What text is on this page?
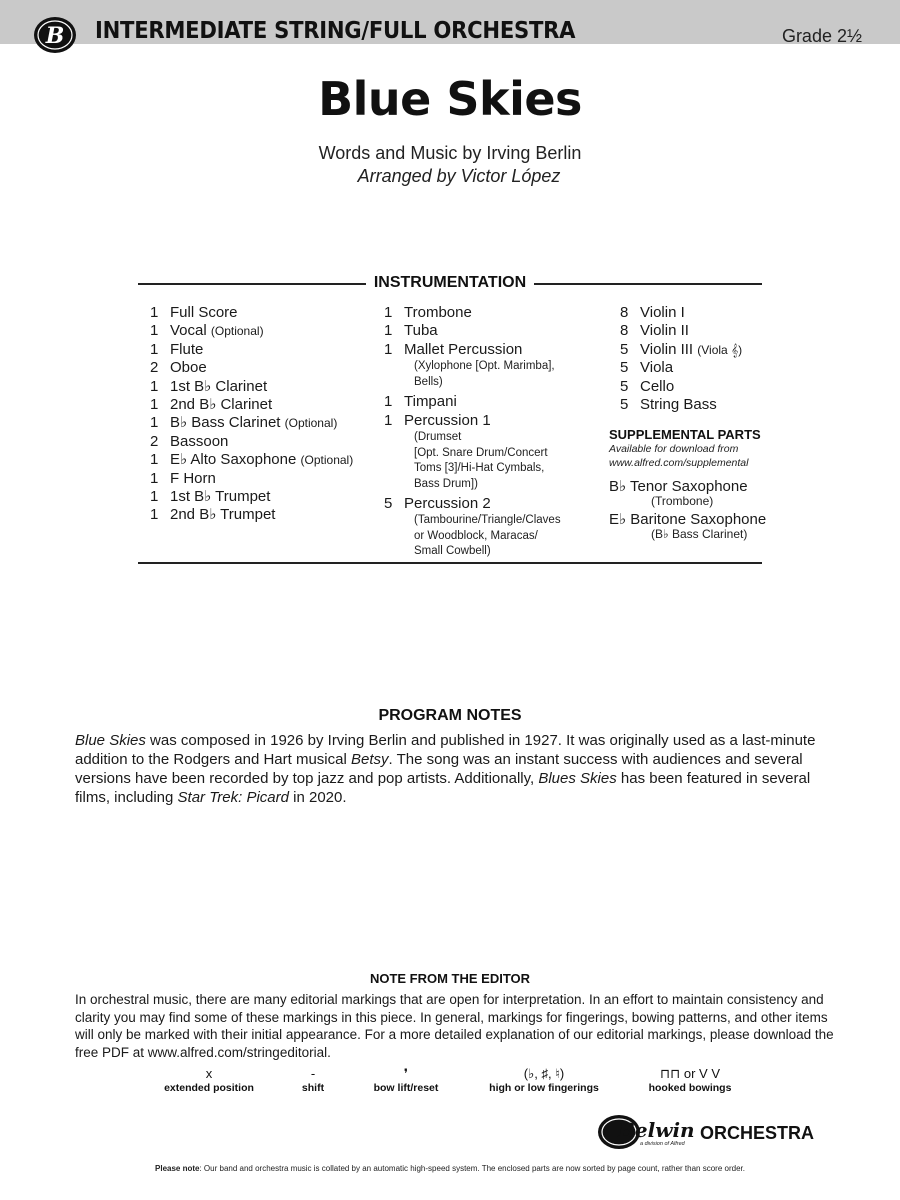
B INTERMEDIATE STRING/FULL ORCHESTRA	Grade 2½
Blue Skies
Words and Music by Irving Berlin
Arranged by Victor López
INSTRUMENTATION
1 Full Score
1 Vocal (Optional)
1 Flute
2 Oboe
1 1st B♭ Clarinet
1 2nd B♭ Clarinet
1 B♭ Bass Clarinet (Optional)
2 Bassoon
1 E♭ Alto Saxophone (Optional)
1 F Horn
1 1st B♭ Trumpet
1 2nd B♭ Trumpet
1 Trombone
1 Tuba
1 Mallet Percussion
(Xylophone [Opt. Marimba],
Bells)
1 Timpani
1 Percussion 1
(Drumset
[Opt. Snare Drum/Concert
Toms [3]/Hi-Hat Cymbals,
Bass Drum])
5 Percussion 2
(Tambourine/Triangle/Claves
or Woodblock, Maracas/
Small Cowbell)
8 Violin I
8 Violin II
5 Violin III (Viola 𝄞)
5 Viola
5 Cello
5 String Bass
SUPPLEMENTAL PARTS
Available for download from
www.alfred.com/supplemental
B♭ Tenor Saxophone
(Trombone)
E♭ Baritone Saxophone
(B♭ Bass Clarinet)
PROGRAM NOTES

Blue Skies was composed in 1926 by Irving Berlin and published in 1927. It was originally used as a last-minute addition to the Rodgers and Hart musical Betsy. The song was an instant success with audiences and several versions have been recorded by top jazz and pop artists. Additionally, Blues Skies has been featured in several films, including Star Trek: Picard in 2020.

NOTE FROM THE EDITOR

In orchestral music, there are many editorial markings that are open for interpretation. In an effort to maintain consistency and clarity you may find some of these markings in this piece. In general, markings for fingerings, bowing patterns, and other items will only be marked with their initial appearance. For a more detailed explanation of our editorial markings, please download the free PDF at www.alfred.com/stringeditorial.

x
extended position
-
shift
❜
bow lift/reset
(♭, ♯, ♮)
high or low fingerings
⊓⊓ or V V
hooked bowings
Belwin
a division of Alfred
ORCHESTRA
Please note: Our band and orchestra music is collated by an automatic high-speed system. The enclosed parts are now sorted by page count, rather than score order.
